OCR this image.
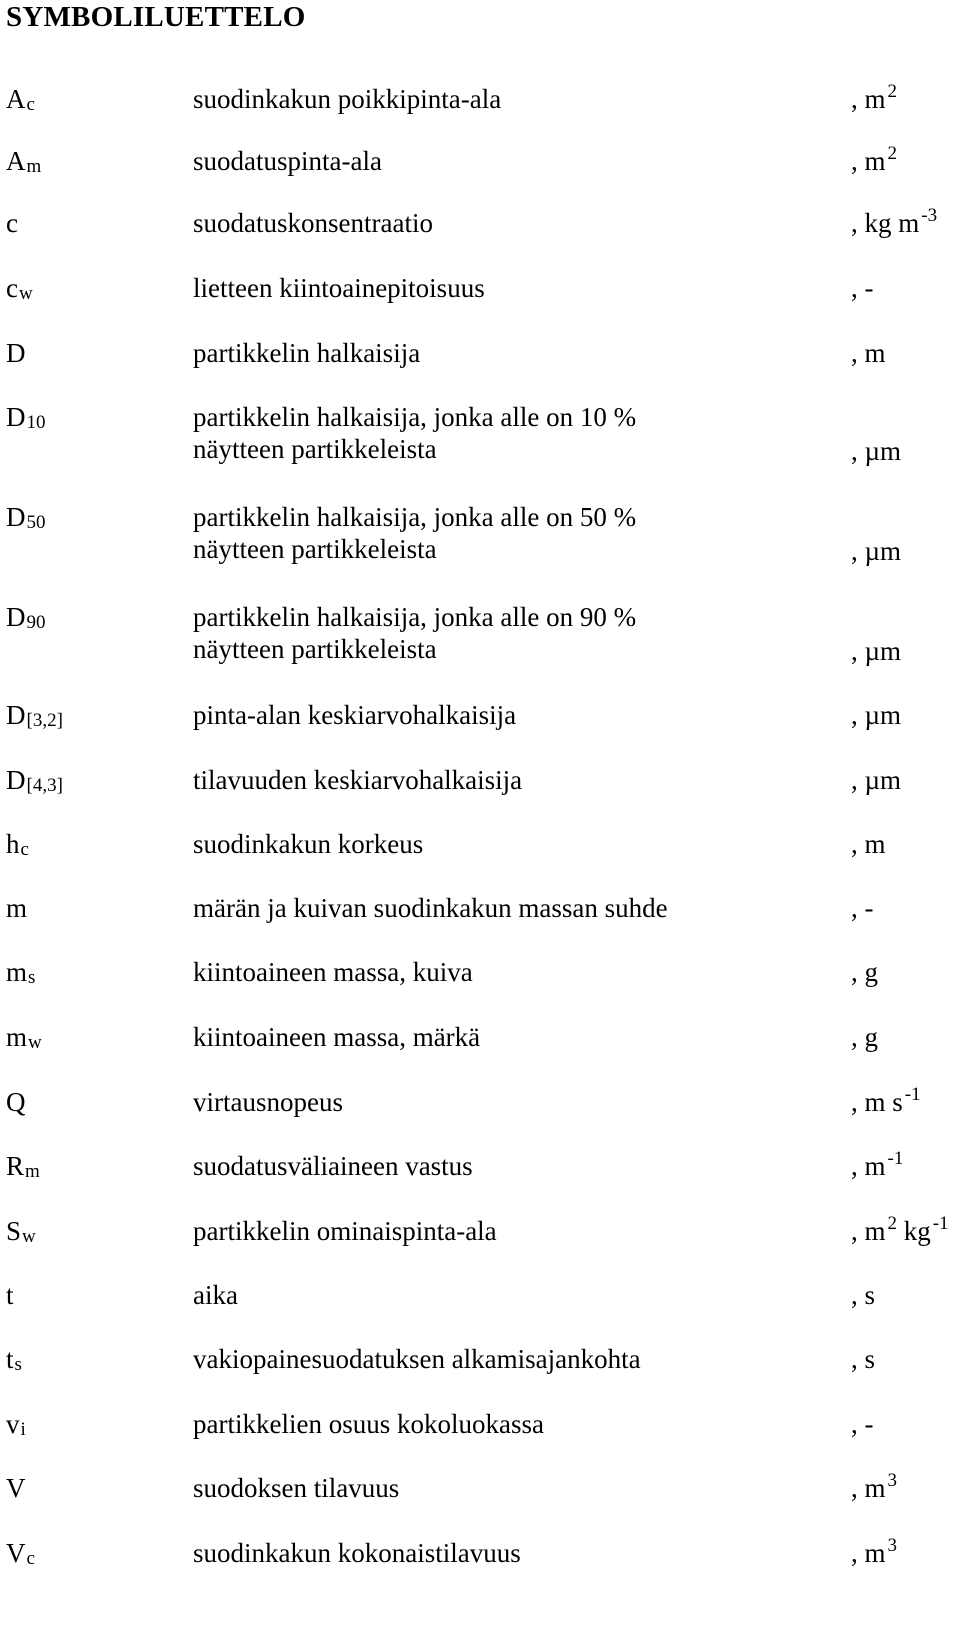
SYMBOLILUETTELO
$A_c$	suodinkakun poikkipinta-ala	, m $^2$
$A_m$	suodatuspinta-ala	, m $^2$
c	suodatuskonsentraatio	, kg m $^{-3}$
$c_w$	lietteen kiintoainepitoisuus	, -
D	partikkelin halkaisija	, m
$D_{10}$	partikkelin halkaisija, jonka alle on 10 %
näytteen partikkeleista	, µm
$D_{50}$	partikkelin halkaisija, jonka alle on 50 %
näytteen partikkeleista	, µm
$D_{90}$	partikkelin halkaisija, jonka alle on 90 %
näytteen partikkeleista	, µm
$D_{[3,2]}$	pinta-alan keskiarvohalkaisija	, µm
$D_{[4,3]}$	tilavuuden keskiarvohalkaisija	, µm
$h_c$	suodinkakun korkeus	, m
m	märän ja kuivan suodinkakun massan suhde	, -
$m_s$	kiintoaineen massa, kuiva	, g
$m_w$	kiintoaineen massa, märkä	, g
Q	virtausnopeus	, m s $^{-1}$
$R_m$	suodatusväliaineen vastus	, m $^{-1}$
$S_w$	partikkelin ominaispinta-ala	, m $^2$ kg $^{-1}$
t	aika	, s
$t_s$	vakiopainesuodatuksen alkamisajankohta	, s
$v_i$	partikkelien osuus kokoluokassa	, -
V	suodoksen tilavuus	, m $^3$
$V_c$	suodinkakun kokonaistilavuus	, m $^3$
